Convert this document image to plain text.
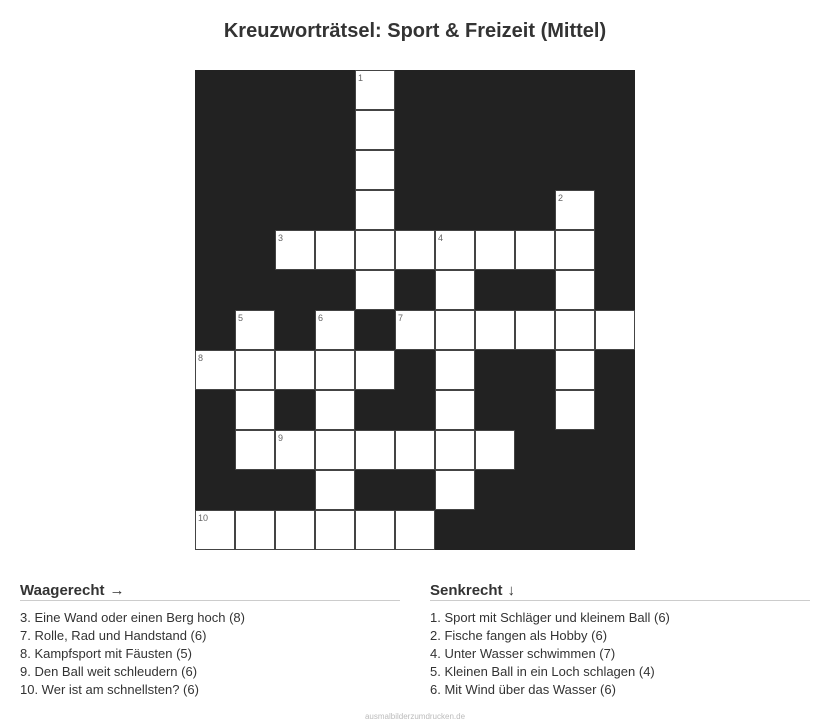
Kreuzworträtsel: Sport & Freizeit (Mittel)
1
2
3	4
5	6	7
8
9
10
Waagerecht →
3. Eine Wand oder einen Berg hoch (8)
7. Rolle, Rad und Handstand (6)
8. Kampfsport mit Fäusten (5)
9. Den Ball weit schleudern (6)
10. Wer ist am schnellsten? (6)
Senkrecht ↓
1. Sport mit Schläger und kleinem Ball (6)
2. Fische fangen als Hobby (6)
4. Unter Wasser schwimmen (7)
5. Kleinen Ball in ein Loch schlagen (4)
6. Mit Wind über das Wasser (6)
ausmalbilderzumdrucken.de
